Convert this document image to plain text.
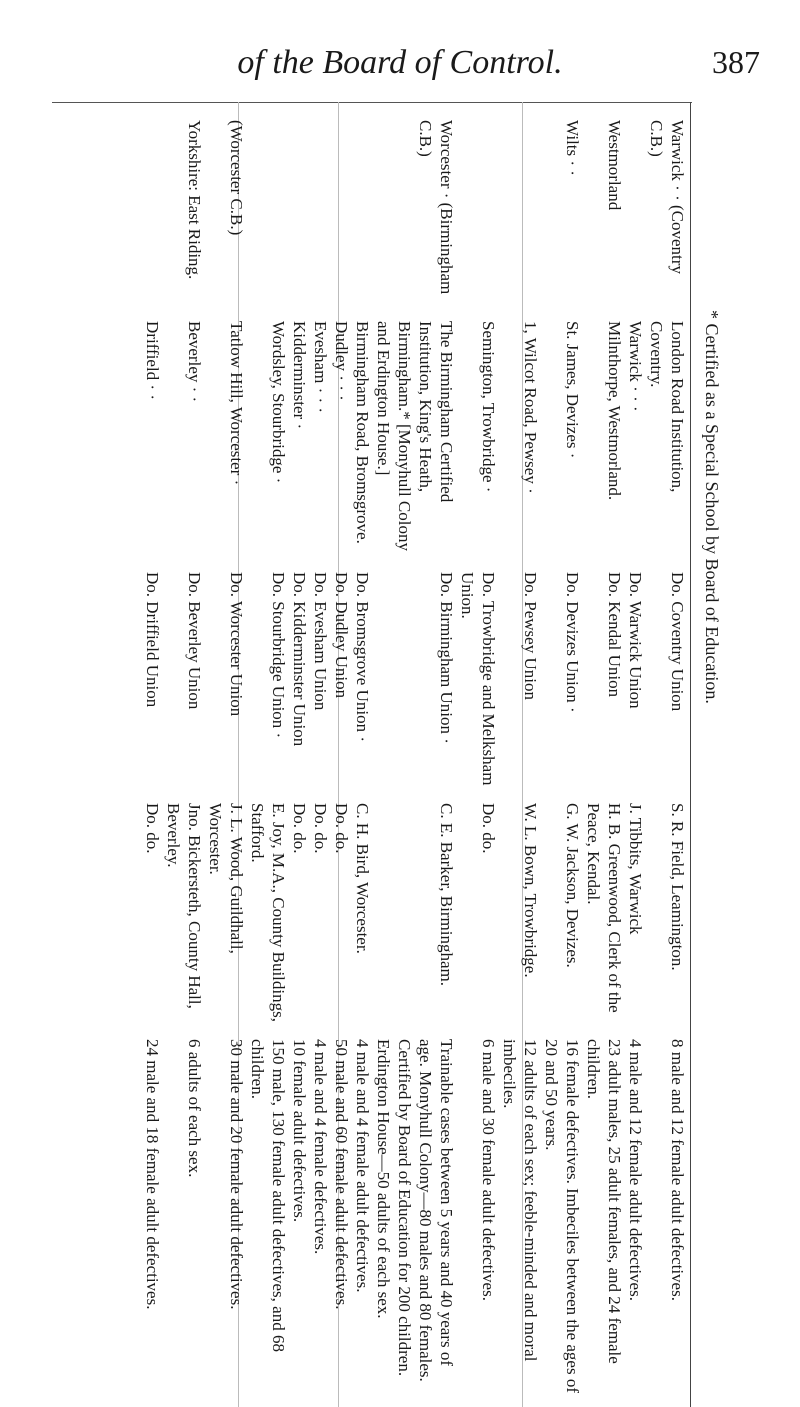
of the Board of Control.	387
Warwick · · (Coventry C.B.)	London Road Institution, Coventry.	Do. Coventry Union	S. R. Field, Leamington.	8 male and 12 female adult defectives.
	Warwick · · ·	Do. Warwick Union	J. Tibbits, Warwick	4 male and 12 female adult defectives.
Westmorland	Milnthorpe, Westmorland.	Do. Kendal Union	H. B. Greenwood, Clerk of the Peace, Kendal.	23 adult males, 25 adult females, and 24 female children.
Wilts · ·	St. James, Devizes ·	Do. Devizes Union ·	G. W. Jackson, Devizes.	16 female defectives. Imbeciles between the ages of 20 and 50 years.
	1, Wilcot Road, Pewsey ·	Do. Pewsey Union	W. L. Bown, Trowbridge.	12 adults of each sex; feeble-minded and moral imbeciles.
	Semington, Trowbridge ·	Do. Trowbridge and Melksham Union.	Do. do.	6 male and 30 female adult defectives.
Worcester · (Birmingham C.B.)	The Birmingham Certified Institution, King's Heath, Birmingham.* [Monyhull Colony and Erdington House.]	Do. Birmingham Union ·	C. E. Barker, Birmingham.	Trainable cases between 5 years and 40 years of age. Monyhull Colony—80 males and 80 females. Certified by Board of Education for 200 children. Erdington House—50 adults of each sex.
	Birmingham Road, Bromsgrove.	Do. Bromsgrove Union ·	C. H. Bird, Worcester.	4 male and 4 female adult defectives.
	Dudley · · ·	Do. Dudley Union	Do. do.	50 male and 60 female adult defectives.
	Evesham · · ·	Do. Evesham Union	Do. do.	4 male and 4 female defectives.
	Kidderminster ·	Do. Kidderminster Union	Do. do.	10 female adult defectives.
	Wordsley, Stourbridge ·	Do. Stourbridge Union ·	E. Joy, M.A., County Buildings, Stafford.	150 male, 130 female adult defectives, and 68 children.
(Worcester C.B.)	Tatlow Hill, Worcester ·	Do. Worcester Union	J. L. Wood, Guildhall, Worcester.	30 male and 20 female adult defectives.
Yorkshire: East Riding.	Beverley · ·	Do. Beverley Union	Jno. Bickersteth, County Hall, Beverley.	6 adults of each sex.
	Driffield · ·	Do. Driffield Union	Do. do.	24 male and 18 female adult defectives.
* Certified as a Special School by Board of Education.
